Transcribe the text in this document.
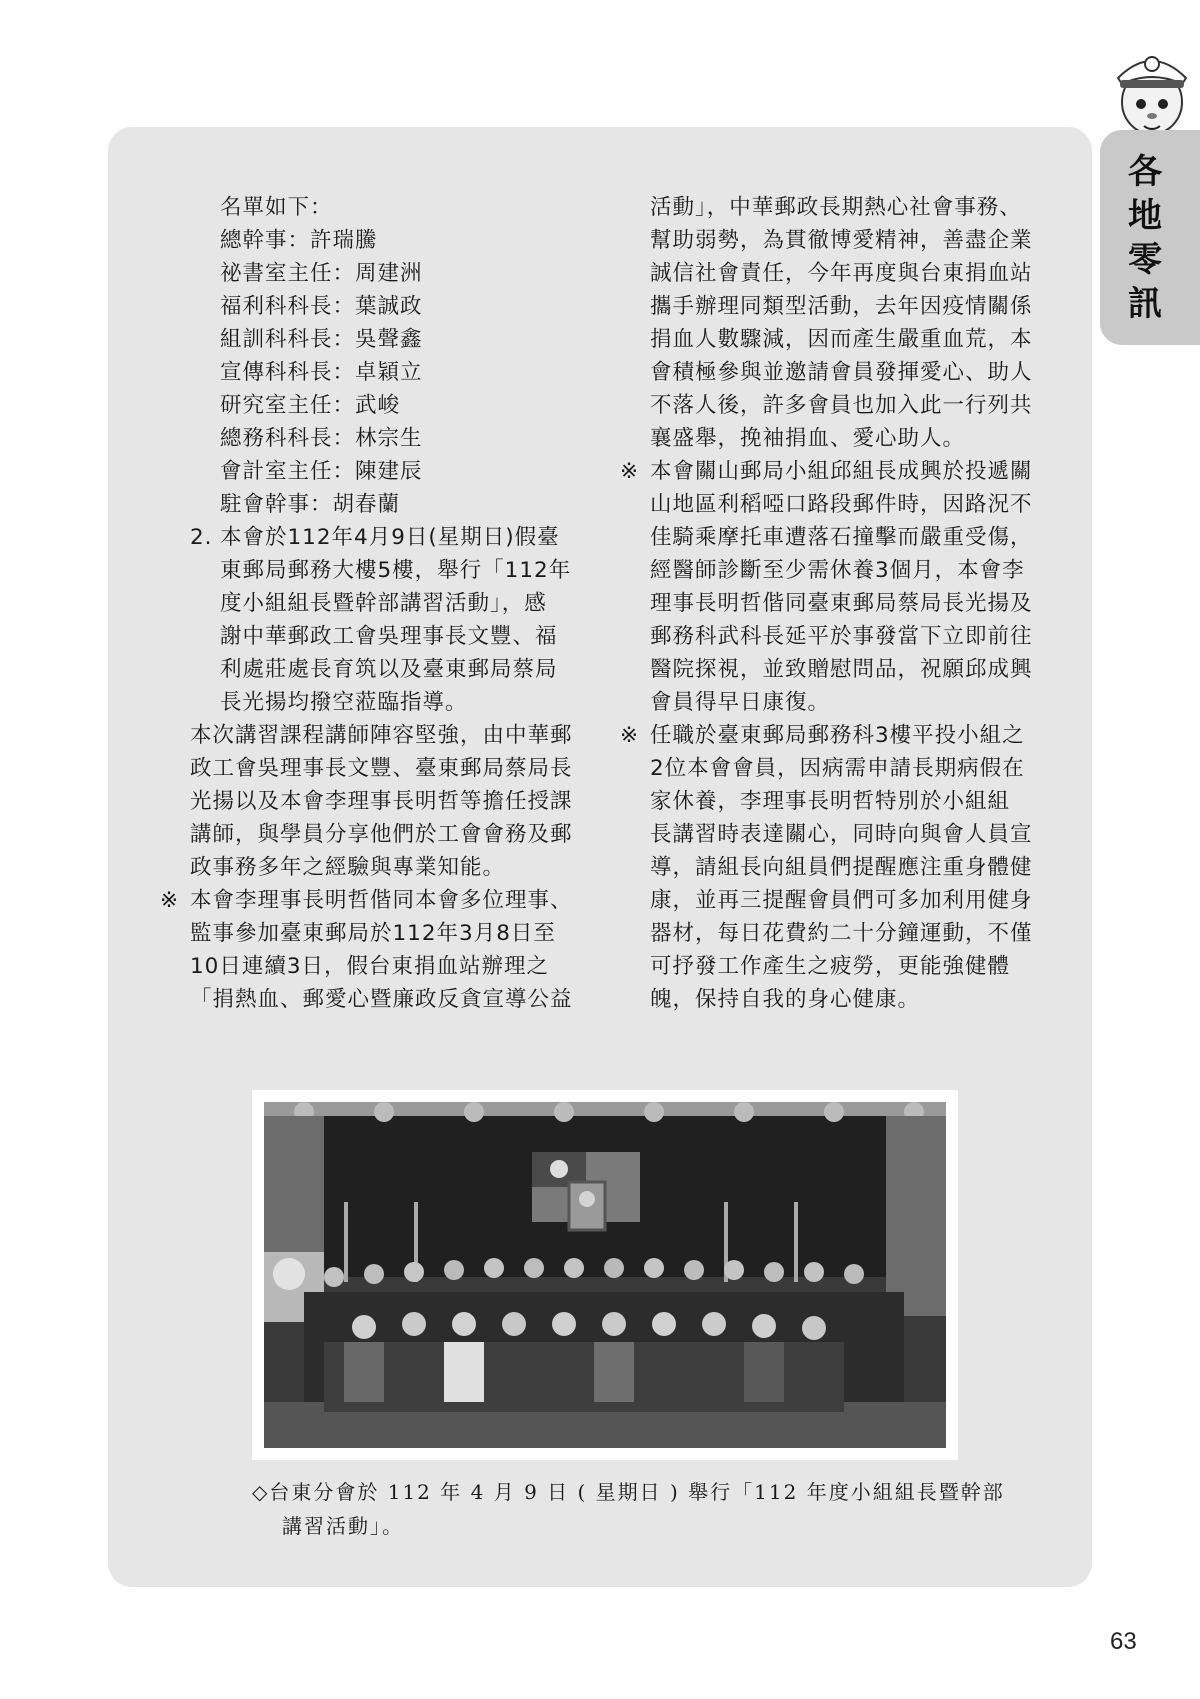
各地零訊

名單如下：

總幹事：許瑞騰

祕書室主任：周建洲

福利科科長：葉誠政

組訓科科長：吳聲鑫

宣傳科科長：卓穎立

研究室主任：武峻

總務科科長：林宗生

會計室主任：陳建辰

駐會幹事：胡春蘭

2. 本會於112年4月9日(星期日)假臺

東郵局郵務大樓5樓，舉行「112年

度小組組長暨幹部講習活動」，感

謝中華郵政工會吳理事長文豐、福

利處莊處長育筑以及臺東郵局蔡局

長光揚均撥空蒞臨指導。

本次講習課程講師陣容堅強，由中華郵

政工會吳理事長文豐、臺東郵局蔡局長

光揚以及本會李理事長明哲等擔任授課

講師，與學員分享他們於工會會務及郵

政事務多年之經驗與專業知能。

※ 本會李理事長明哲偕同本會多位理事、

監事參加臺東郵局於112年3月8日至

10日連續3日，假台東捐血站辦理之

「捐熱血、郵愛心暨廉政反貪宣導公益

活動」，中華郵政長期熱心社會事務、

幫助弱勢，為貫徹博愛精神，善盡企業

誠信社會責任，今年再度與台東捐血站

攜手辦理同類型活動，去年因疫情關係

捐血人數驟減，因而產生嚴重血荒，本

會積極參與並邀請會員發揮愛心、助人

不落人後，許多會員也加入此一行列共

襄盛舉，挽袖捐血、愛心助人。

※ 本會關山郵局小組邱組長成興於投遞關

山地區利稻啞口路段郵件時，因路況不

佳騎乘摩托車遭落石撞擊而嚴重受傷，

經醫師診斷至少需休養3個月，本會李

理事長明哲偕同臺東郵局蔡局長光揚及

郵務科武科長延平於事發當下立即前往

醫院探視，並致贈慰問品，祝願邱成興

會員得早日康復。

※ 任職於臺東郵局郵務科3樓平投小組之

2位本會會員，因病需申請長期病假在

家休養，李理事長明哲特別於小組組

長講習時表達關心，同時向與會人員宣

導，請組長向組員們提醒應注重身體健

康，並再三提醒會員們可多加利用健身

器材，每日花費約二十分鐘運動，不僅

可抒發工作產生之疲勞，更能強健體

魄，保持自我的身心健康。

◇台東分會於 112 年 4 月 9 日 ( 星期日 ) 舉行「112 年度小組組長暨幹部

講習活動」。

63
